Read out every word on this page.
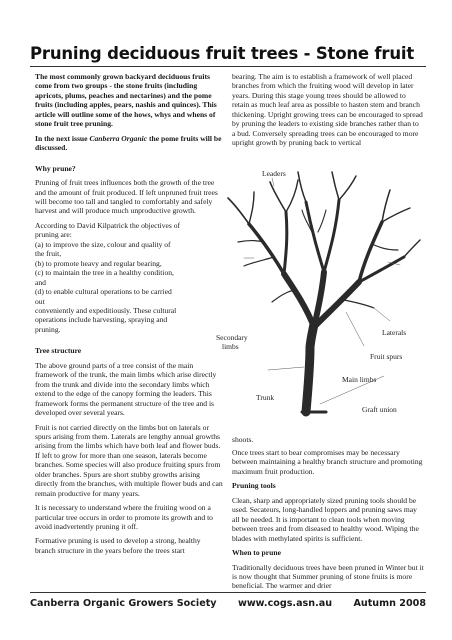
Pruning deciduous fruit trees - Stone fruit

The most commonly grown backyard deciduous fruits come from two groups - the stone fruits (including apricots, plums, peaches and nectarines) and the pome fruits (including apples, pears, nashis and quinces). This article will outline some of the hows, whys and whens of stone fruit tree pruning.

In the next issue Canberra Organic the pome fruits will be discussed.

Why prune?

Pruning of fruit trees influences both the growth of the tree and the amount of fruit produced. If left unpruned fruit trees will become too tall and tangled to comfortably and safely harvest and will produce much unproductive growth.

According to David Kilpatrick the objectives of
pruning are:
(a) to improve the size, colour and quality of
the fruit,
(b) to promote heavy and regular bearing,
(c) to maintain the tree in a healthy condition,
and
(d) to enable cultural operations to be carried
out
conveniently and expeditiously. These cultural
operations include harvesting, spraying and
pruning.

Tree structure

The above ground parts of a tree consist of the main framework of the trunk, the main limbs which arise directly from the trunk and divide into the secondary limbs which extend to the edge of the canopy forming the leaders. This framework forms the permanent structure of the tree and is developed over several years.

Fruit is not carried directly on the limbs but on laterals or spurs arising from them. Laterals are lengthy annual growths arising from the limbs which have both leaf and flower buds. If left to grow for more than one season, laterals become branches. Some species will also produce fruiting spurs from older branches. Spurs are short stubby growths arising directly from the branches, with multiple flower buds and can remain productive for many years.

It is necessary to understand where the fruiting wood on a particular tree occurs in order to promote its growth and to avoid inadvertently pruning it off.

Formative pruning is used to develop a strong, healthy branch structure in the years before the trees start

bearing. The aim is to establish a framework of well placed branches from which the fruiting wood will develop in later years. During this stage young trees should be allowed to retain as much leaf area as possible to hasten stem and branch thickening. Upright growing trees can be encouraged to spread by pruning the leaders to existing side branches rather than to a bud. Conversely spreading trees can be encouraged to more upright growth by pruning back to vertical

Leaders
Secondary
limbs
Laterals
Fruit spurs
Main limbs
Trunk
Graft union
shoots.

Once trees start to bear compromises may be necessary between maintaining a healthy branch structure and promoting maximum fruit production.

Pruning tools

Clean, sharp and appropriately sized pruning tools should be used. Secateurs, long-handled loppers and pruning saws may all be needed. It is important to clean tools when moving between trees and from diseased to healthy wood. Wiping the blades with methylated spirits is sufficient.

When to prune

Traditionally deciduous trees have been pruned in Winter but it is now thought that Summer pruning of stone fruits is more beneficial. The warmer and drier

Canberra Organic Growers Society www.cogs.asn.au Autumn 2008
